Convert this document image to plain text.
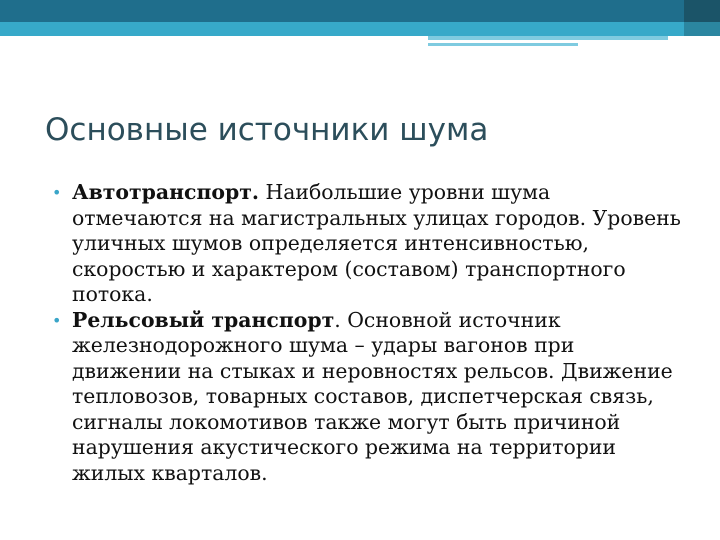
Основные источники шума
• Автотранспорт. Наибольшие уровни шума отмечаются на магистральных улицах городов. Уровень уличных шумов определяется интенсивностью, скоростью и характером (составом) транспортного потока.
• Рельсовый транспорт. Основной источник железнодорожного шума – удары вагонов при движении на стыках и неровностях рельсов. Движение тепловозов, товарных составов, диспетчерская связь, сигналы локомотивов также могут быть причиной нарушения акустического режима на территории жилых кварталов.
